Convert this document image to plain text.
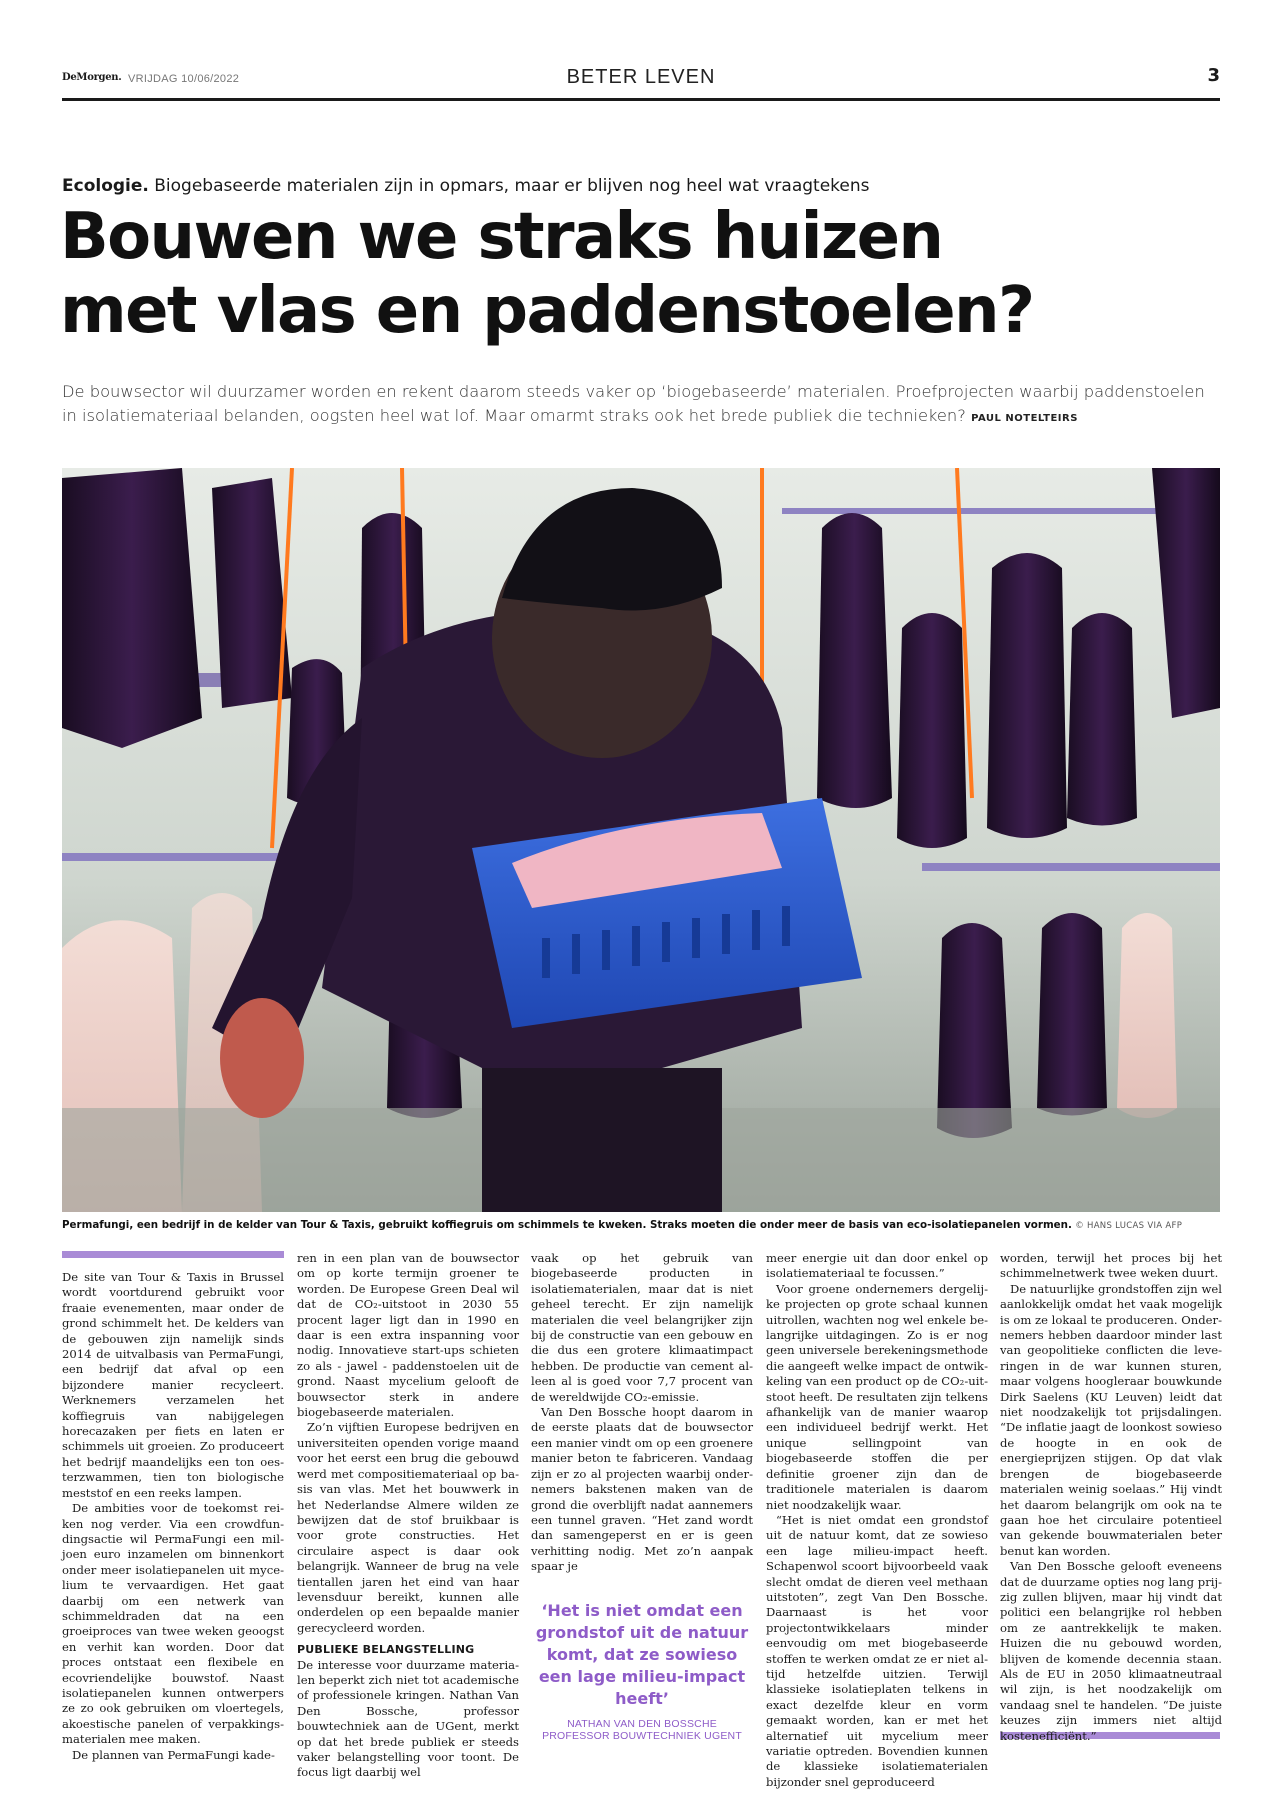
DeMorgen. VRIJDAG 10/06/2022	BETER LEVEN	3
Ecologie. Biogebaseerde materialen zijn in opmars, maar er blijven nog heel wat vraagtekens
Bouwen we straks huizen
met vlas en paddenstoelen?

De bouwsector wil duurzamer worden en rekent daarom steeds vaker op ‘biogebaseerde’ materialen. Proefprojecten waarbij paddenstoelen in isolatiemateriaal belanden, oogsten heel wat lof. Maar omarmt straks ook het brede publiek die technieken? PAUL NOTELTEIRS

Permafungi, een bedrijf in de kelder van Tour & Taxis, gebruikt koffiegruis om schimmels te kweken. Straks moeten die onder meer de basis van eco-isolatiepanelen vormen. © HANS LUCAS VIA AFP

De site van Tour & Taxis in Brussel wordt voortdurend gebruikt voor fraaie evenementen, maar onder de grond schimmelt het. De kelders van de gebouwen zijn namelijk sinds 2014 de uitvalbasis van PermaFungi, een bedrijf dat afval op een bijzondere manier recycleert. Werknemers verzamelen het koffiegruis van nabijgelegen horecazaken per fiets en laten er schimmels uit groeien. Zo produceert het bedrijf maandelijks een ton oesterzwammen, tien ton biologische meststof en een reeks lampen.

De ambities voor de toekomst reiken nog verder. Via een crowdfundingsactie wil PermaFungi een miljoen euro inzamelen om binnenkort onder meer isolatiepanelen uit mycelium te vervaardigen. Het gaat daarbij om een netwerk van schimmeldraden dat na een groeiproces van twee weken geoogst en verhit kan worden. Door dat proces ontstaat een flexibele en ecovriendelijke bouwstof. Naast isolatiepanelen kunnen ontwerpers ze zo ook gebruiken om vloertegels, akoestische panelen of verpakkingsmaterialen mee maken.

De plannen van PermaFungi kade-

ren in een plan van de bouwsector om op korte termijn groener te worden. De Europese Green Deal wil dat de CO₂-uitstoot in 2030 55 procent lager ligt dan in 1990 en daar is een extra inspanning voor nodig. Innovatieve start-ups schieten zo als - jawel - paddenstoelen uit de grond. Naast mycelium gelooft de bouwsector sterk in andere biogebaseerde materialen.

Zo’n vijftien Europese bedrijven en universiteiten openden vorige maand voor het eerst een brug die gebouwd werd met compositiemateriaal op basis van vlas. Met het bouwwerk in het Nederlandse Almere wilden ze bewijzen dat de stof bruikbaar is voor grote constructies. Het circulaire aspect is daar ook belangrijk. Wanneer de brug na vele tientallen jaren het eind van haar levensduur bereikt, kunnen alle onderdelen op een bepaalde manier gerecycleerd worden.

PUBLIEKE BELANGSTELLING

De interesse voor duurzame materialen beperkt zich niet tot academische of professionele kringen. Nathan Van Den Bossche, professor bouwtechniek aan de UGent, merkt op dat het brede publiek er steeds vaker belangstelling voor toont. De focus ligt daarbij wel

vaak op het gebruik van biogebaseerde producten in isolatiematerialen, maar dat is niet geheel terecht. Er zijn namelijk materialen die veel belangrijker zijn bij de constructie van een gebouw en die dus een grotere klimaatimpact hebben. De productie van cement alleen al is goed voor 7,7 procent van de wereldwijde CO₂-emissie.

Van Den Bossche hoopt daarom in de eerste plaats dat de bouwsector een manier vindt om op een groenere manier beton te fabriceren. Vandaag zijn er zo al projecten waarbij ondernemers bakstenen maken van de grond die overblijft nadat aannemers een tunnel graven. “Het zand wordt dan samengeperst en er is geen verhitting nodig. Met zo’n aanpak spaar je

‘Het is niet omdat een grondstof uit de natuur komt, dat ze sowieso een lage milieu-impact heeft’
NATHAN VAN DEN BOSSCHE
PROFESSOR BOUWTECHNIEK UGENT

meer energie uit dan door enkel op isolatiemateriaal te focussen.”

Voor groene ondernemers dergelijke projecten op grote schaal kunnen uitrollen, wachten nog wel enkele belangrijke uitdagingen. Zo is er nog geen universele berekeningsmethode die aangeeft welke impact de ontwikkeling van een product op de CO₂-uitstoot heeft. De resultaten zijn telkens afhankelijk van de manier waarop een individueel bedrijf werkt. Het unique sellingpoint van biogebaseerde stoffen die per definitie groener zijn dan de traditionele materialen is daarom niet noodzakelijk waar.

“Het is niet omdat een grondstof uit de natuur komt, dat ze sowieso een lage milieu-impact heeft. Schapenwol scoort bijvoorbeeld vaak slecht omdat de dieren veel methaan uitstoten”, zegt Van Den Bossche. Daarnaast is het voor projectontwikkelaars minder eenvoudig om met biogebaseerde stoffen te werken omdat ze er niet altijd hetzelfde uitzien. Terwijl klassieke isolatieplaten telkens in exact dezelfde kleur en vorm gemaakt worden, kan er met het alternatief uit mycelium meer variatie optreden. Bovendien kunnen de klassieke isolatiematerialen bijzonder snel geproduceerd

worden, terwijl het proces bij het schimmelnetwerk twee weken duurt.

De natuurlijke grondstoffen zijn wel aanlokkelijk omdat het vaak mogelijk is om ze lokaal te produceren. Ondernemers hebben daardoor minder last van geopolitieke conflicten die leveringen in de war kunnen sturen, maar volgens hoogleraar bouwkunde Dirk Saelens (KU Leuven) leidt dat niet noodzakelijk tot prijsdalingen. “De inflatie jaagt de loonkost sowieso de hoogte in en ook de energieprijzen stijgen. Op dat vlak brengen de biogebaseerde materialen weinig soelaas.” Hij vindt het daarom belangrijk om ook na te gaan hoe het circulaire potentieel van gekende bouwmaterialen beter benut kan worden.

Van Den Bossche gelooft eveneens dat de duurzame opties nog lang prijzig zullen blijven, maar hij vindt dat politici een belangrijke rol hebben om ze aantrekkelijk te maken. Huizen die nu gebouwd worden, blijven de komende decennia staan. Als de EU in 2050 klimaatneutraal wil zijn, is het noodzakelijk om vandaag snel te handelen. “De juiste keuzes zijn immers niet altijd kostenefficiënt.”
